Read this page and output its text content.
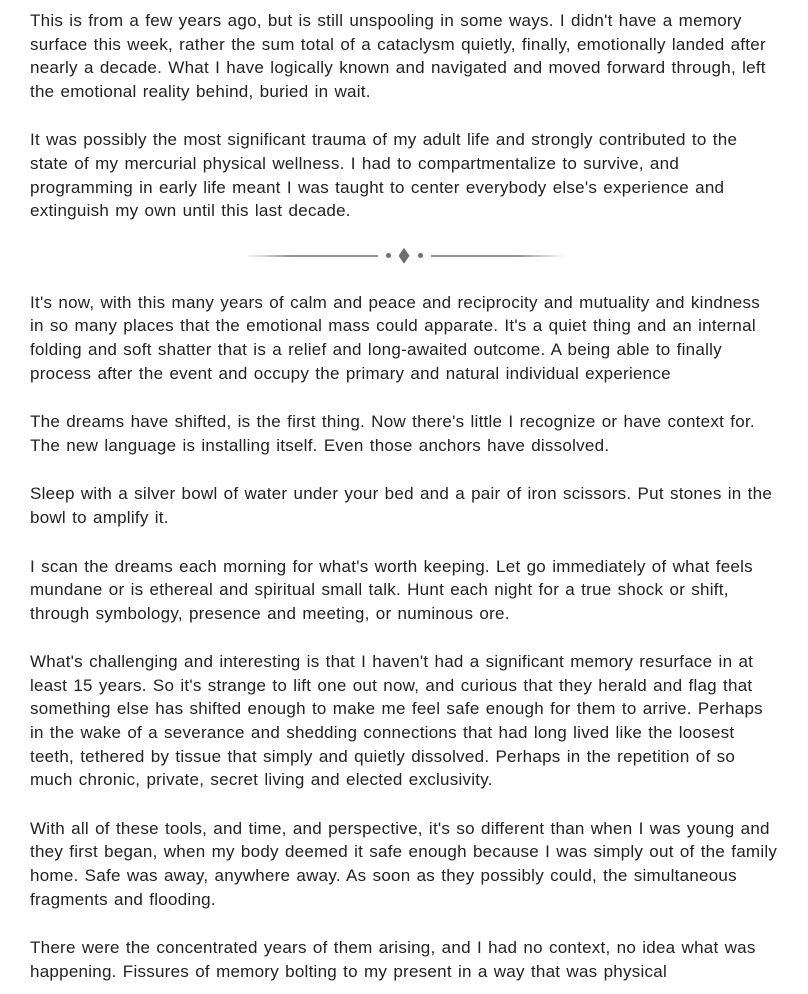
This is from a few years ago, but is still unspooling in some ways. I didn't have a memory surface this week, rather the sum total of a cataclysm quietly, finally, emotionally landed after nearly a decade. What I have logically known and navigated and moved forward through, left the emotional reality behind, buried in wait.

It was possibly the most significant trauma of my adult life and strongly contributed to the state of my mercurial physical wellness. I had to compartmentalize to survive, and programming in early life meant I was taught to center everybody else's experience and extinguish my own until this last decade.

It's now, with this many years of calm and peace and reciprocity and mutuality and kindness in so many places that the emotional mass could apparate. It's a quiet thing and an internal folding and soft shatter that is a relief and long-awaited outcome. A being able to finally process after the event and occupy the primary and natural individual experience

The dreams have shifted, is the first thing. Now there's little I recognize or have context for. The new language is installing itself. Even those anchors have dissolved.

Sleep with a silver bowl of water under your bed and a pair of iron scissors. Put stones in the bowl to amplify it.

I scan the dreams each morning for what's worth keeping. Let go immediately of what feels mundane or is ethereal and spiritual small talk. Hunt each night for a true shock or shift, through symbology, presence and meeting, or numinous ore.

What's challenging and interesting is that I haven't had a significant memory resurface in at least 15 years. So it's strange to lift one out now, and curious that they herald and flag that something else has shifted enough to make me feel safe enough for them to arrive. Perhaps in the wake of a severance and shedding connections that had long lived like the loosest teeth, tethered by tissue that simply and quietly dissolved. Perhaps in the repetition of so much chronic, private, secret living and elected exclusivity.

With all of these tools, and time, and perspective, it's so different than when I was young and they first began, when my body deemed it safe enough because I was simply out of the family home. Safe was away, anywhere away. As soon as they possibly could, the simultaneous fragments and flooding.

There were the concentrated years of them arising, and I had no context, no idea what was happening. Fissures of memory bolting to my present in a way that was physical
